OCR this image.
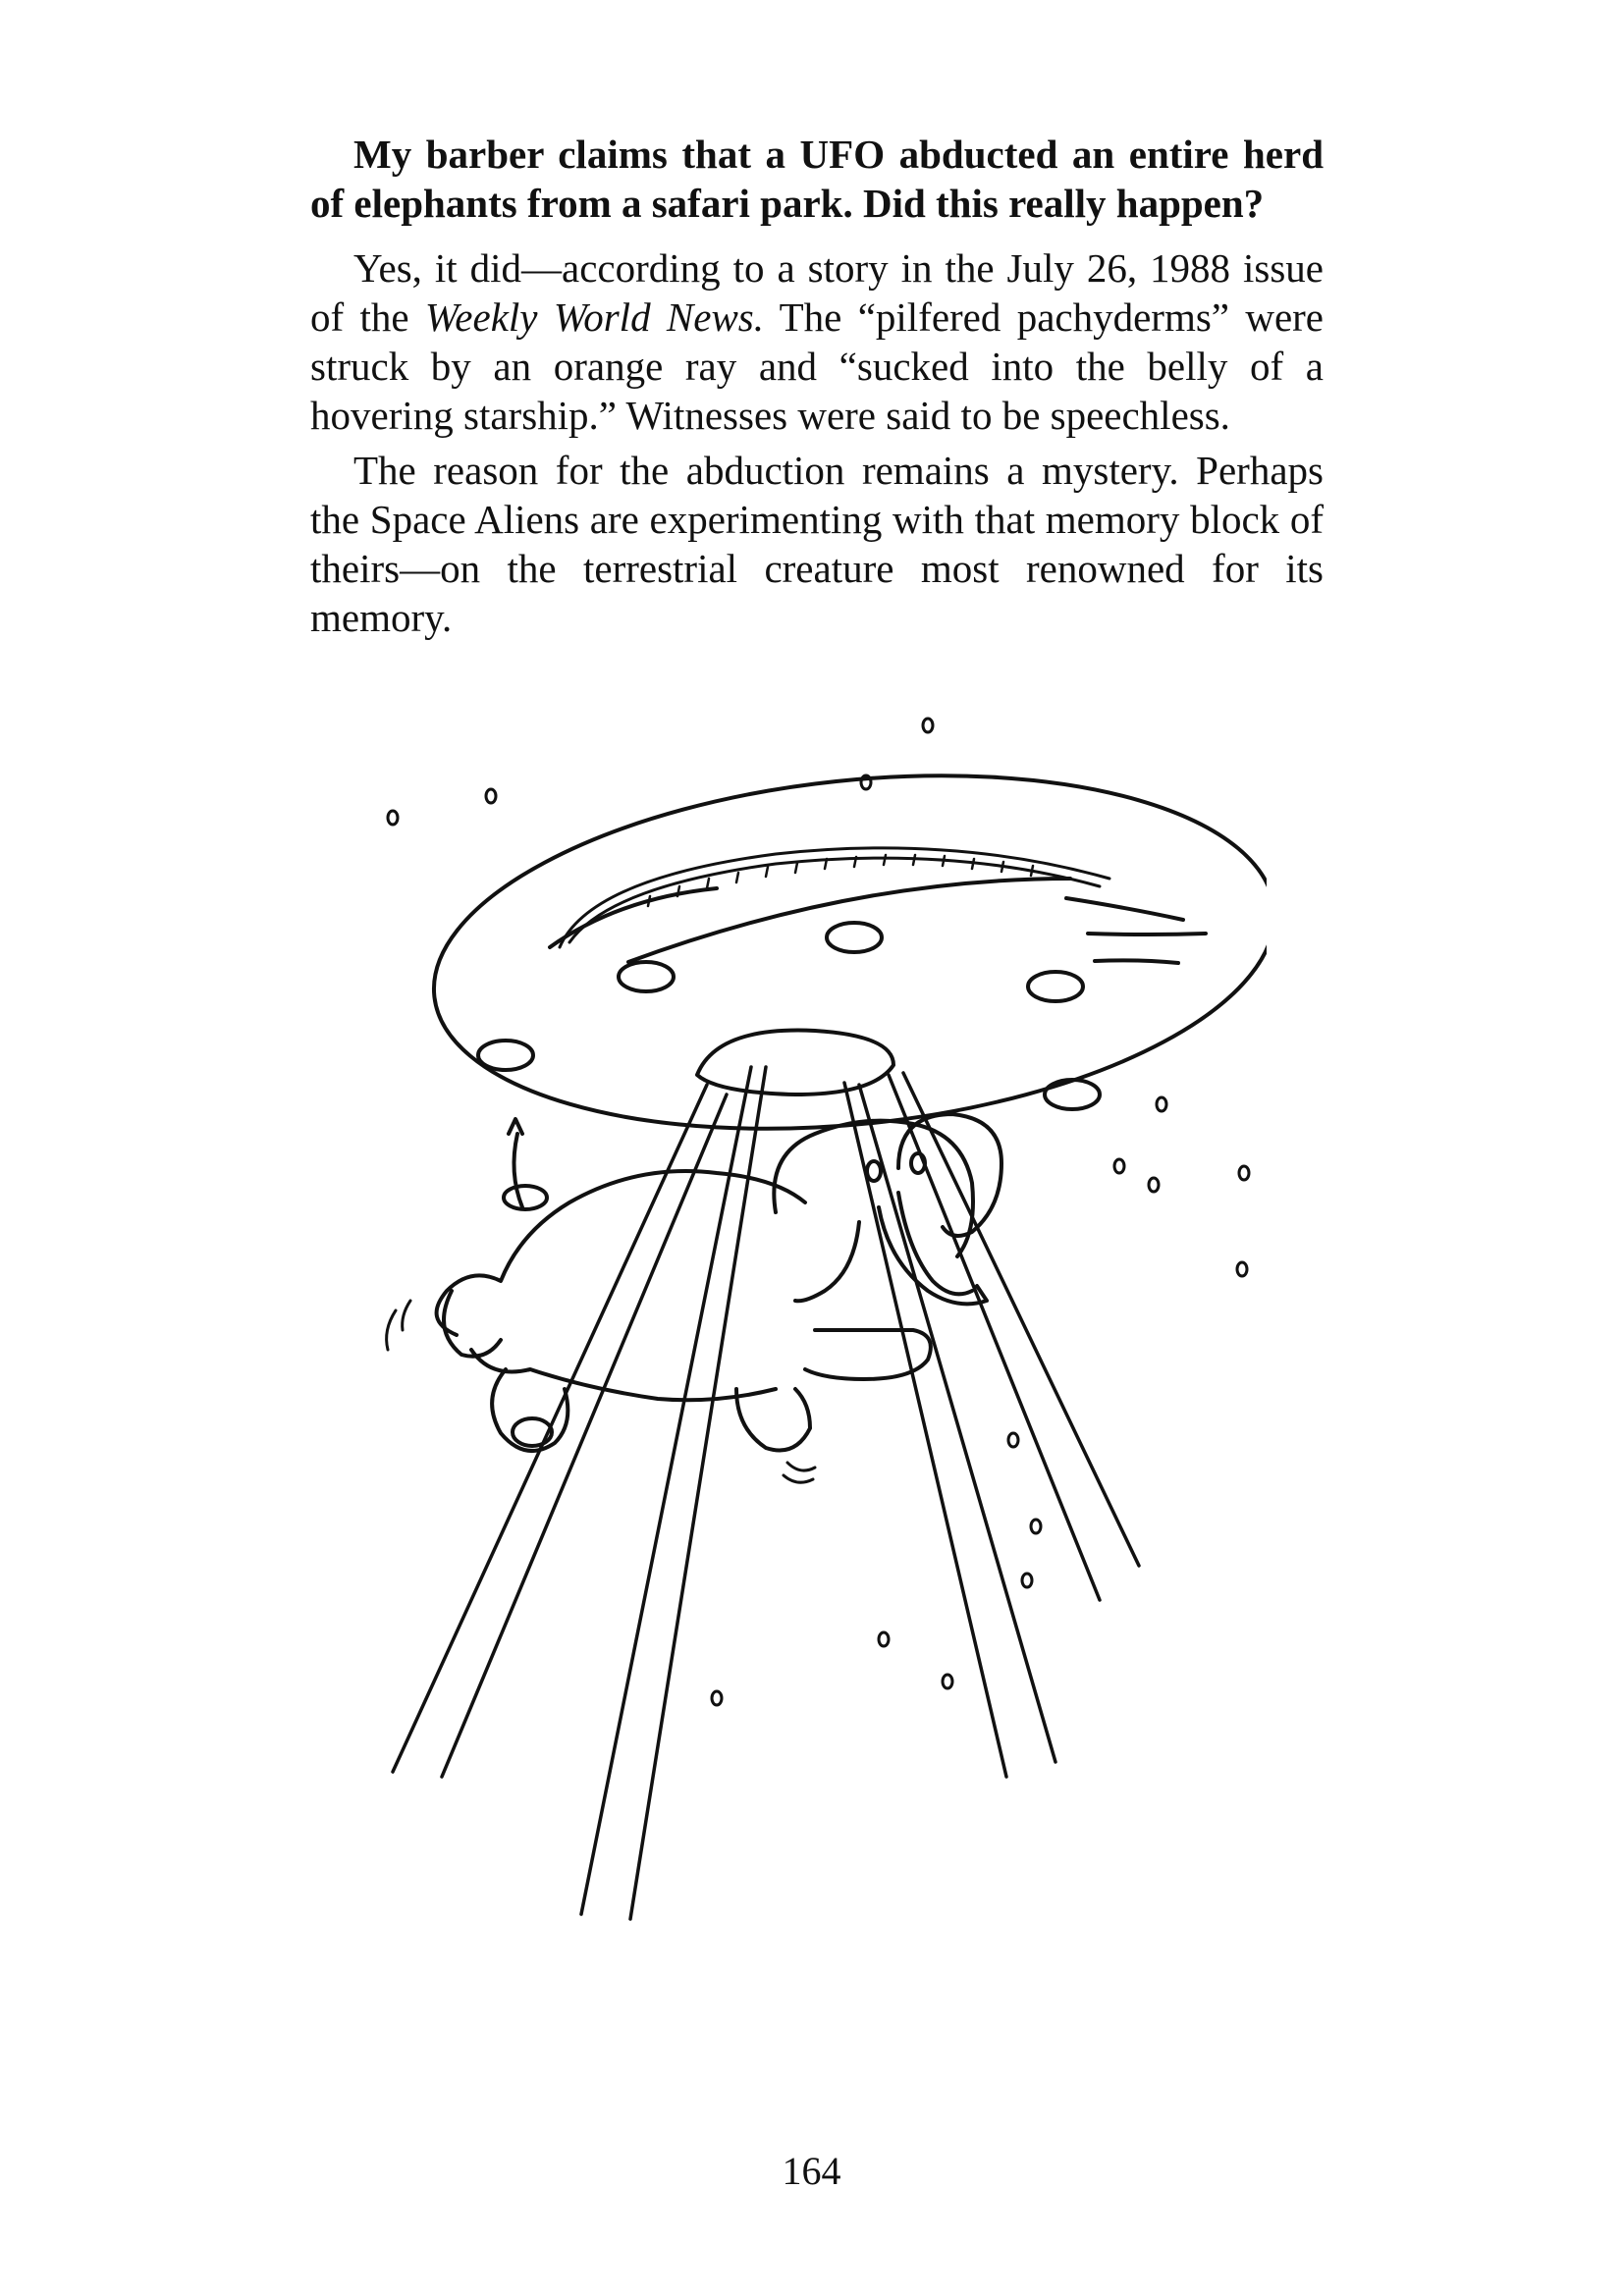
My barber claims that a UFO abducted an entire herd of elephants from a safari park. Did this really happen?

Yes, it did—according to a story in the July 26, 1988 issue of the Weekly World News. The “pilfered pachyderms” were struck by an orange ray and “sucked into the belly of a hovering starship.” Witnesses were said to be speechless.

The reason for the abduction remains a mystery. Perhaps the Space Aliens are experimenting with that memory block of theirs—on the terrestrial creature most renowned for its memory.

164
